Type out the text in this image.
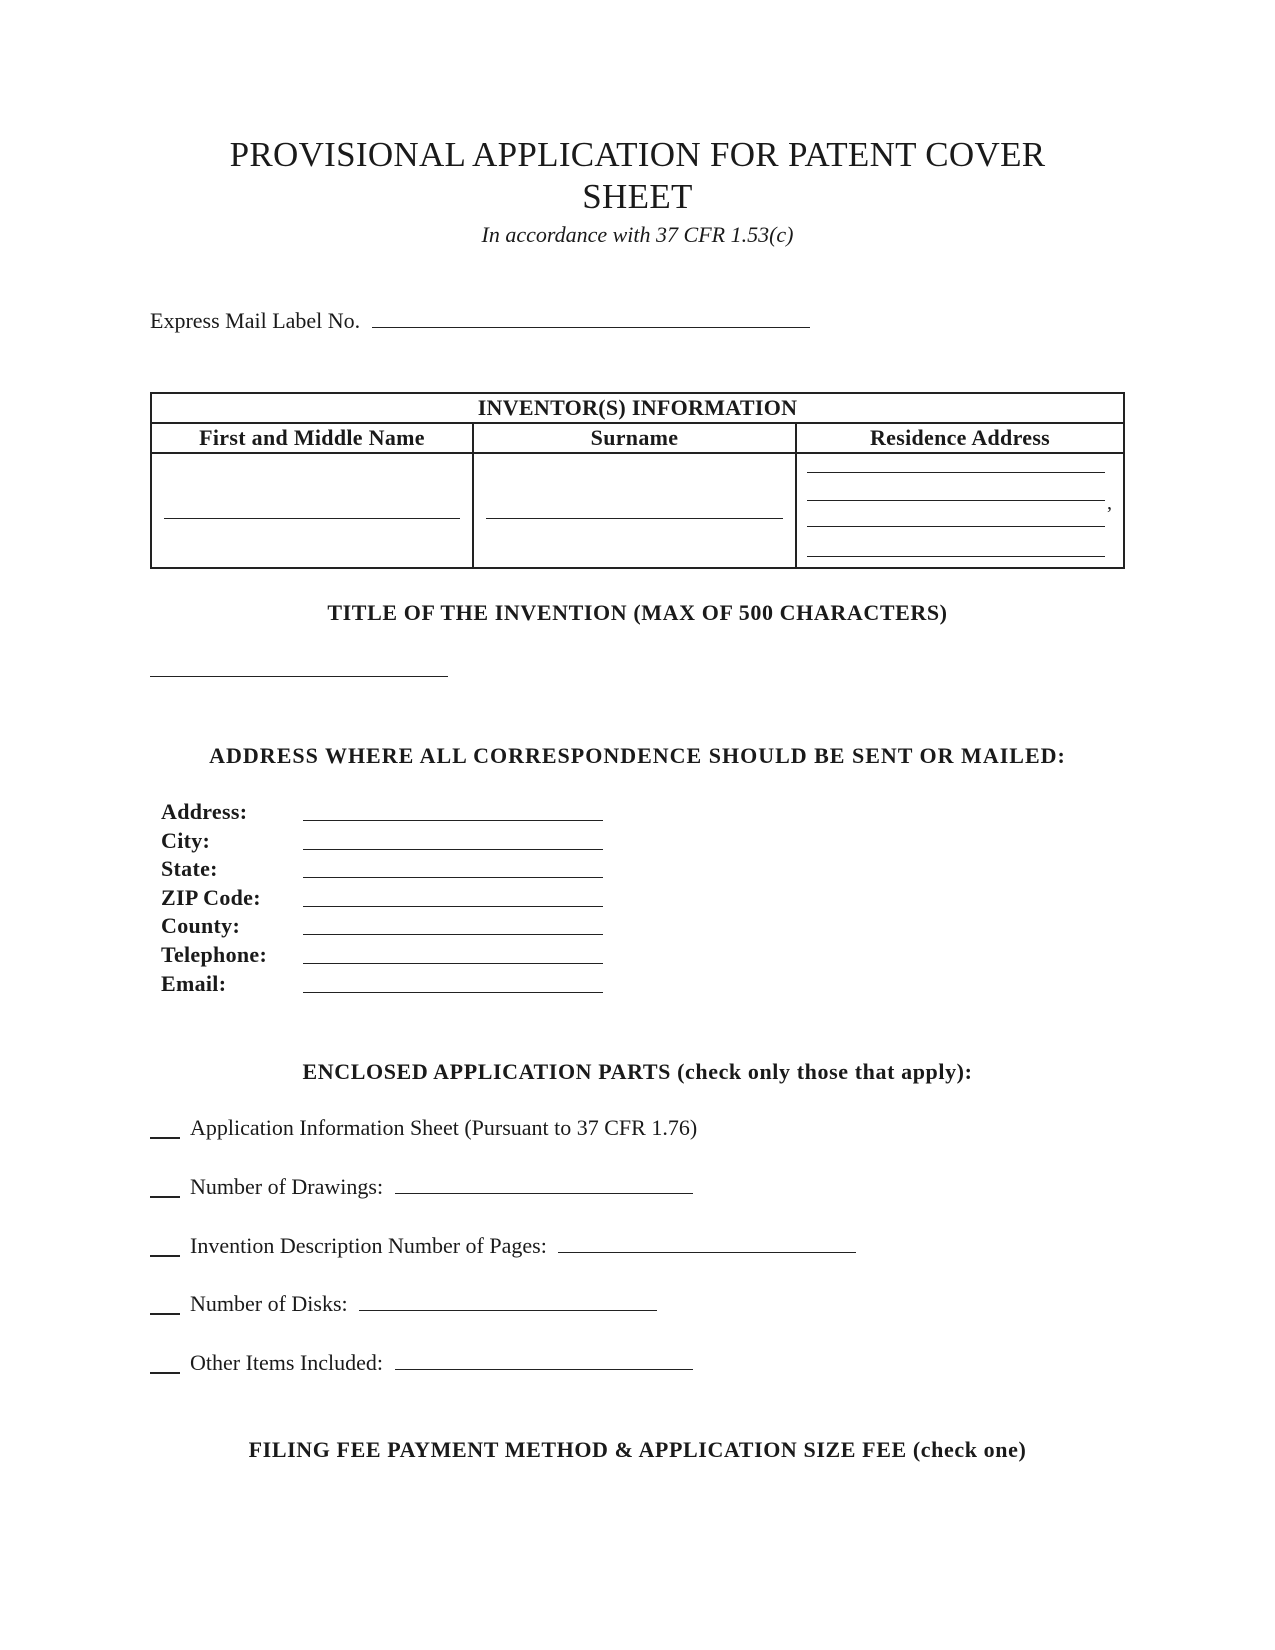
PROVISIONAL APPLICATION FOR PATENT COVER
SHEET
In accordance with 37 CFR 1.53(c)
Express Mail Label No.
INVENTOR(S) INFORMATION		
First and Middle Name	Surname	Residence Address

		,
TITLE OF THE INVENTION (MAX OF 500 CHARACTERS)
ADDRESS WHERE ALL CORRESPONDENCE SHOULD BE SENT OR MAILED:
Address:
City:
State:
ZIP Code:
County:
Telephone:
Email:
ENCLOSED APPLICATION PARTS (check only those that apply):
Application Information Sheet (Pursuant to 37 CFR 1.76)
Number of Drawings:
Invention Description Number of Pages:
Number of Disks:
Other Items Included:
FILING FEE PAYMENT METHOD & APPLICATION SIZE FEE (check one)
